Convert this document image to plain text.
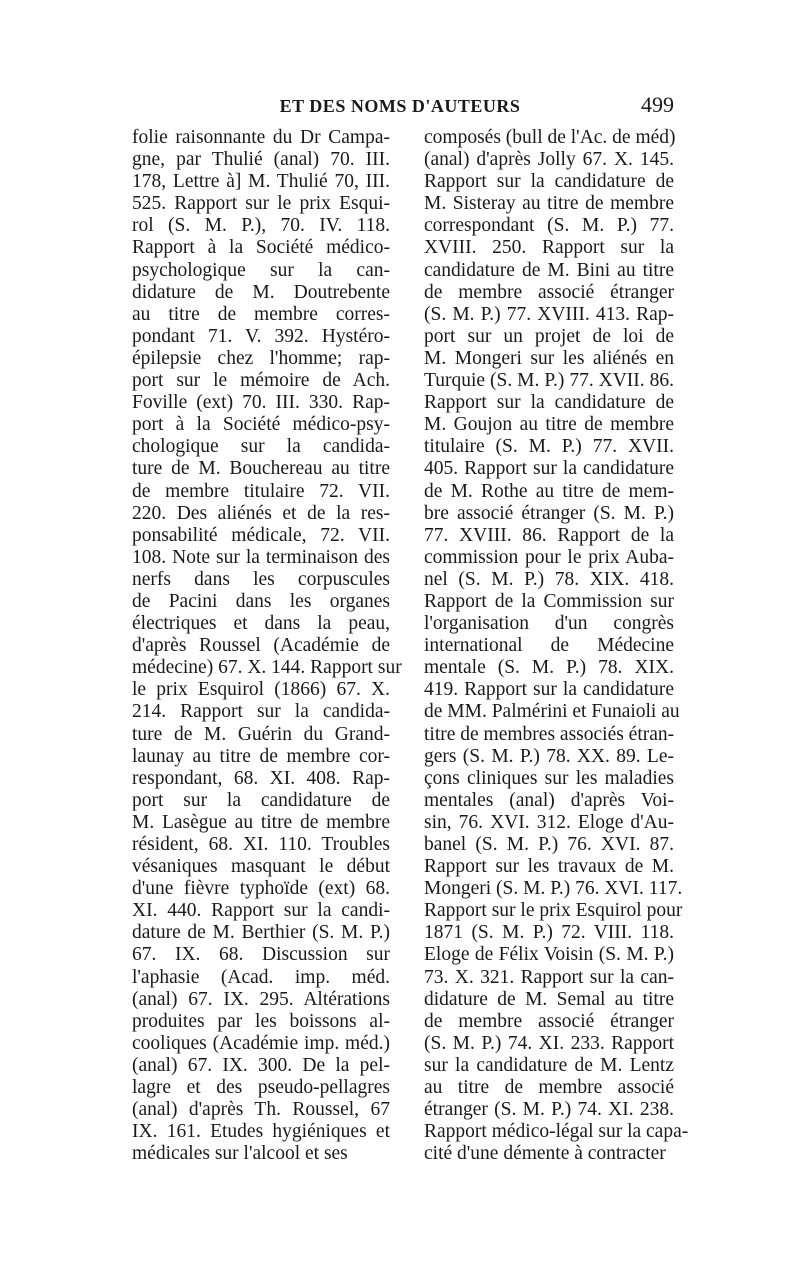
ET DES NOMS D'AUTEURS	499
folie raisonnante du Dr Campa-
gne, par Thulié (anal) 70. III.
178, Lettre à] M. Thulié 70, III.
525. Rapport sur le prix Esqui-
rol (S. M. P.), 70. IV. 118.
Rapport à la Société médico-
psychologique sur la can-
didature de M. Doutrebente
au titre de membre corres-
pondant 71. V. 392. Hystéro-
épilepsie chez l'homme; rap-
port sur le mémoire de Ach.
Foville (ext) 70. III. 330. Rap-
port à la Société médico-psy-
chologique sur la candida-
ture de M. Bouchereau au titre
de membre titulaire 72. VII.
220. Des aliénés et de la res-
ponsabilité médicale, 72. VII.
108. Note sur la terminaison des
nerfs dans les corpuscules
de Pacini dans les organes
électriques et dans la peau,
d'après Roussel (Académie de
médecine) 67. X. 144. Rapport sur
le prix Esquirol (1866) 67. X.
214. Rapport sur la candida-
ture de M. Guérin du Grand-
launay au titre de membre cor-
respondant, 68. XI. 408. Rap-
port sur la candidature de
M. Lasègue au titre de membre
résident, 68. XI. 110. Troubles
vésaniques masquant le début
d'une fièvre typhoïde (ext) 68.
XI. 440. Rapport sur la candi-
dature de M. Berthier (S. M. P.)
67. IX. 68. Discussion sur
l'aphasie (Acad. imp. méd.
(anal) 67. IX. 295. Altérations
produites par les boissons al-
cooliques (Académie imp. méd.)
(anal) 67. IX. 300. De la pel-
lagre et des pseudo-pellagres
(anal) d'après Th. Roussel, 67
IX. 161. Etudes hygiéniques et
médicales sur l'alcool et ses
composés (bull de l'Ac. de méd)
(anal) d'après Jolly 67. X. 145.
Rapport sur la candidature de
M. Sisteray au titre de membre
correspondant (S. M. P.) 77.
XVIII. 250. Rapport sur la
candidature de M. Bini au titre
de membre associé étranger
(S. M. P.) 77. XVIII. 413. Rap-
port sur un projet de loi de
M. Mongeri sur les aliénés en
Turquie (S. M. P.) 77. XVII. 86.
Rapport sur la candidature de
M. Goujon au titre de membre
titulaire (S. M. P.) 77. XVII.
405. Rapport sur la candidature
de M. Rothe au titre de mem-
bre associé étranger (S. M. P.)
77. XVIII. 86. Rapport de la
commission pour le prix Auba-
nel (S. M. P.) 78. XIX. 418.
Rapport de la Commission sur
l'organisation d'un congrès
international de Médecine
mentale (S. M. P.) 78. XIX.
419. Rapport sur la candidature
de MM. Palmérini et Funaioli au
titre de membres associés étran-
gers (S. M. P.) 78. XX. 89. Le-
çons cliniques sur les maladies
mentales (anal) d'après Voi-
sin, 76. XVI. 312. Eloge d'Au-
banel (S. M. P.) 76. XVI. 87.
Rapport sur les travaux de M.
Mongeri (S. M. P.) 76. XVI. 117.
Rapport sur le prix Esquirol pour
1871 (S. M. P.) 72. VIII. 118.
Eloge de Félix Voisin (S. M. P.)
73. X. 321. Rapport sur la can-
didature de M. Semal au titre
de membre associé étranger
(S. M. P.) 74. XI. 233. Rapport
sur la candidature de M. Lentz
au titre de membre associé
étranger (S. M. P.) 74. XI. 238.
Rapport médico-légal sur la capa-
cité d'une démente à contracter
